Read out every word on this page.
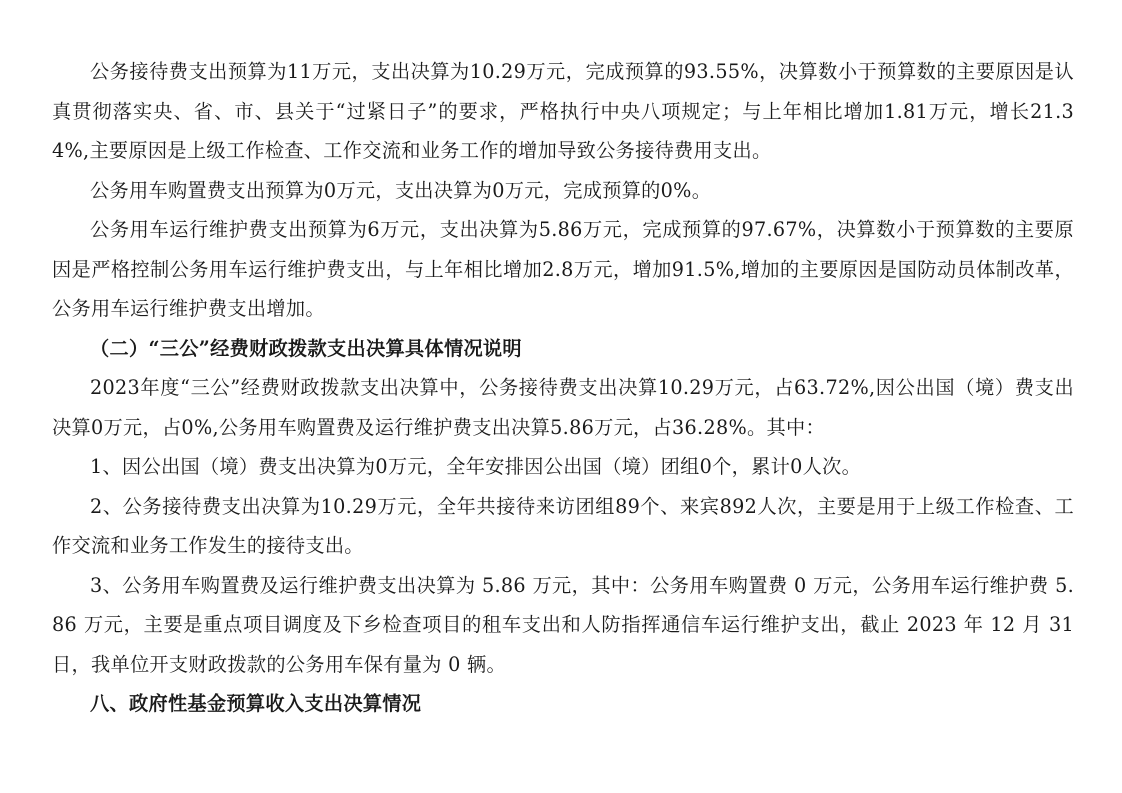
公务接待费支出预算为11万元，支出决算为10.29万元，完成预算的93.55%，决算数小于预算数的主要原因是认真贯彻落实央、省、市、县关于“过紧日子”的要求，严格执行中央八项规定；与上年相比增加1.81万元，增长21.34%,主要原因是上级工作检查、工作交流和业务工作的增加导致公务接待费用支出。

公务用车购置费支出预算为0万元，支出决算为0万元，完成预算的0%。

公务用车运行维护费支出预算为6万元，支出决算为5.86万元，完成预算的97.67%，决算数小于预算数的主要原因是严格控制公务用车运行维护费支出，与上年相比增加2.8万元，增加91.5%,增加的主要原因是国防动员体制改革，公务用车运行维护费支出增加。

（二）“三公”经费财政拨款支出决算具体情况说明

2023年度“三公”经费财政拨款支出决算中，公务接待费支出决算10.29万元，占63.72%,因公出国（境）费支出决算0万元，占0%,公务用车购置费及运行维护费支出决算5.86万元，占36.28%。其中：

1、因公出国（境）费支出决算为0万元，全年安排因公出国（境）团组0个，累计0人次。

2、公务接待费支出决算为10.29万元，全年共接待来访团组89个、来宾892人次，主要是用于上级工作检查、工作交流和业务工作发生的接待支出。

3、公务用车购置费及运行维护费支出决算为 5.86 万元，其中：公务用车购置费 0 万元，公务用车运行维护费 5.86 万元，主要是重点项目调度及下乡检查项目的租车支出和人防指挥通信车运行维护支出，截止 2023 年 12 月 31 日，我单位开支财政拨款的公务用车保有量为 0 辆。

八、政府性基金预算收入支出决算情况
